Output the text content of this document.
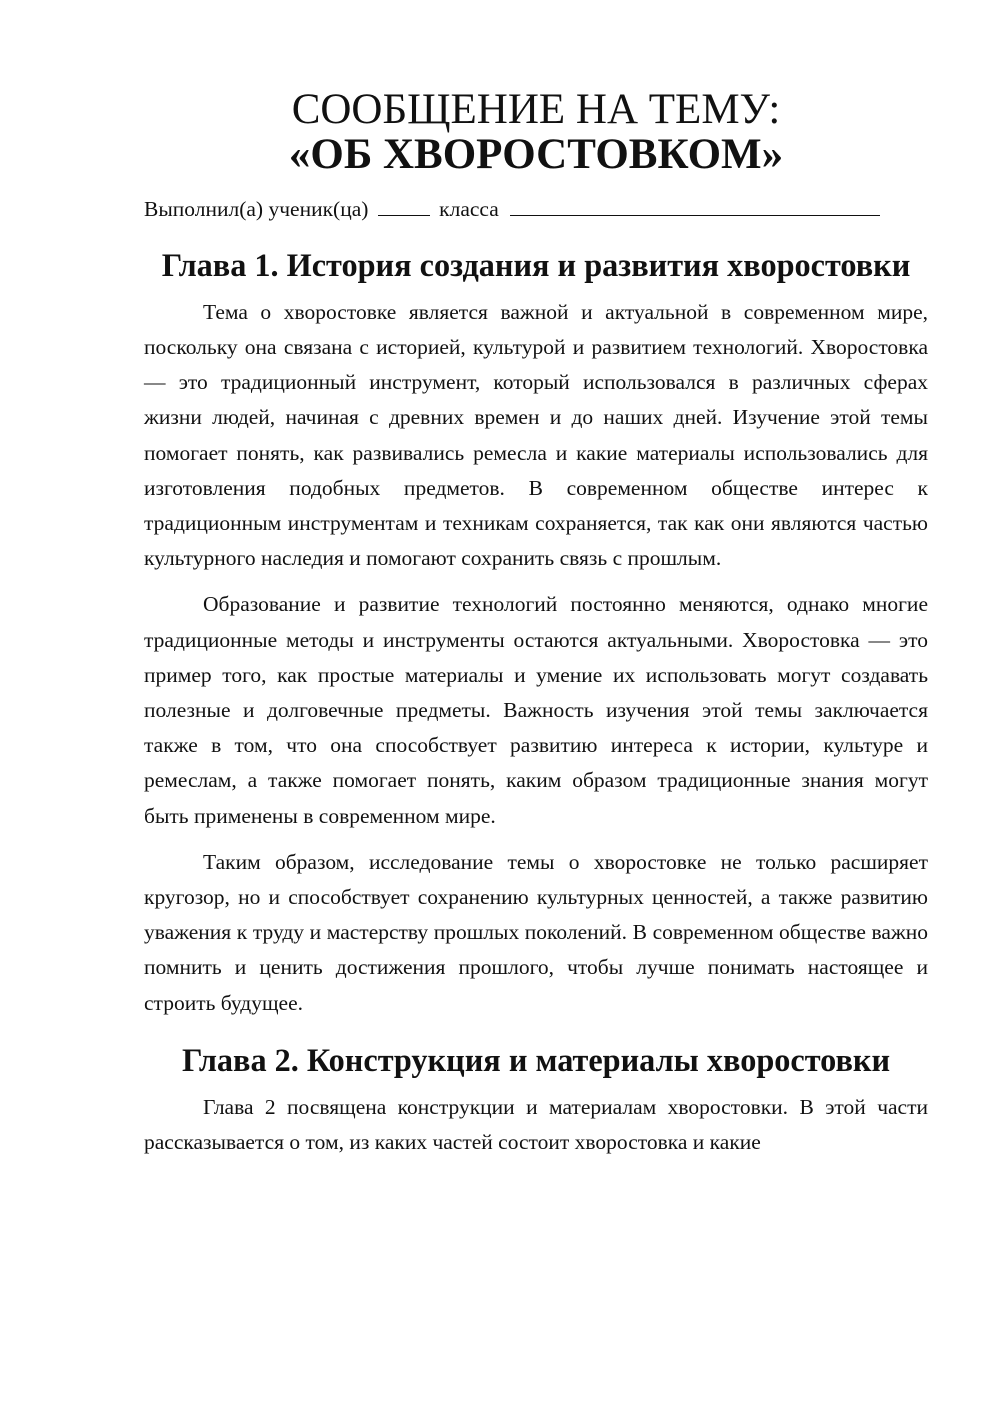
СООБЩЕНИЕ НА ТЕМУ:
«ОБ ХВОРОСТОВКОМ»
Выполнил(а) ученик(ца)	класса
Глава 1. История создания и развития хворостовки

Тема о хворостовке является важной и актуальной в современном мире, поскольку она связана с историей, культурой и развитием технологий. Хворостовка — это традиционный инструмент, который использовался в различных сферах жизни людей, начиная с древних времен и до наших дней. Изучение этой темы помогает понять, как развивались ремесла и какие материалы использовались для изготовления подобных предметов. В современном обществе интерес к традиционным инструментам и техникам сохраняется, так как они являются частью культурного наследия и помогают сохранить связь с прошлым.

Образование и развитие технологий постоянно меняются, однако многие традиционные методы и инструменты остаются актуальными. Хворостовка — это пример того, как простые материалы и умение их использовать могут создавать полезные и долговечные предметы. Важность изучения этой темы заключается также в том, что она способствует развитию интереса к истории, культуре и ремеслам, а также помогает понять, каким образом традиционные знания могут быть применены в современном мире.

Таким образом, исследование темы о хворостовке не только расширяет кругозор, но и способствует сохранению культурных ценностей, а также развитию уважения к труду и мастерству прошлых поколений. В современном обществе важно помнить и ценить достижения прошлого, чтобы лучше понимать настоящее и строить будущее.

Глава 2. Конструкция и материалы хворостовки

Глава 2 посвящена конструкции и материалам хворостовки. В этой части рассказывается о том, из каких частей состоит хворостовка и какие
